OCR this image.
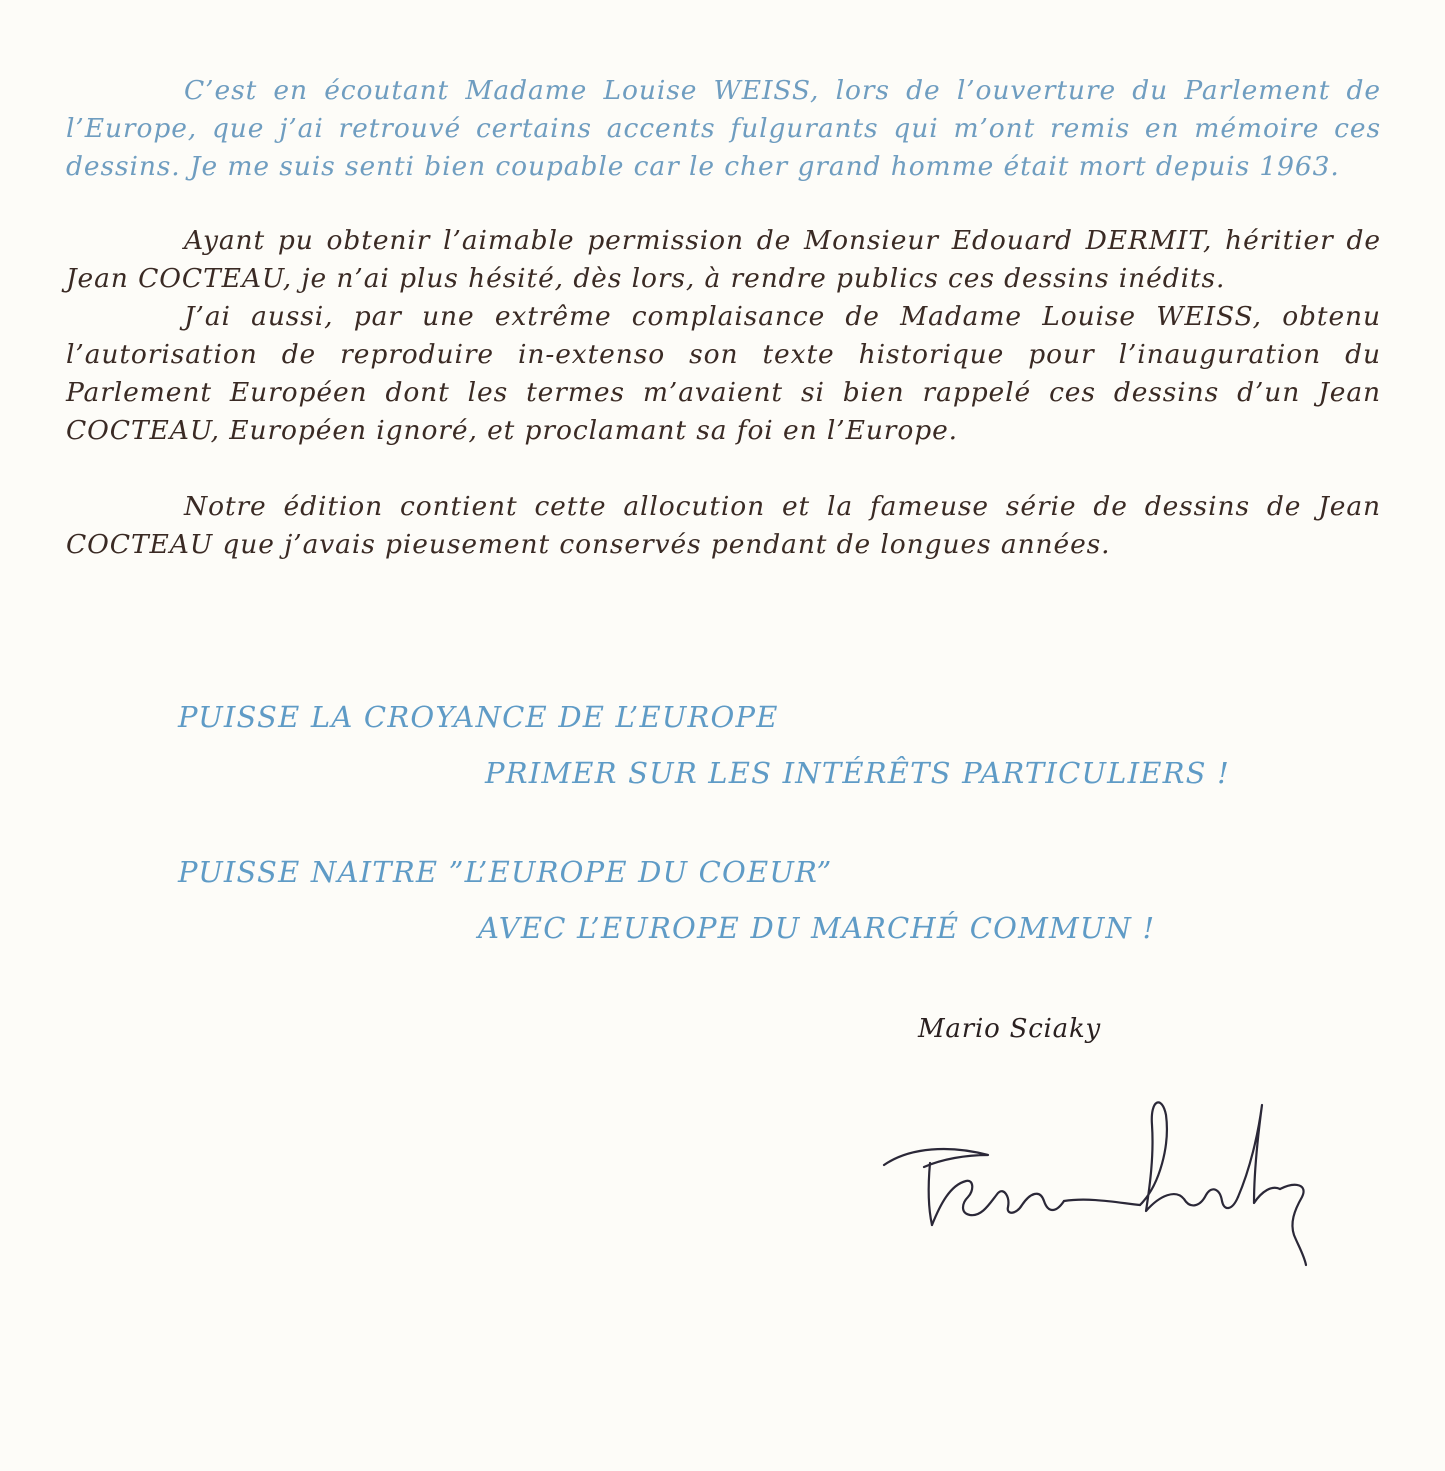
C’est en écoutant Madame Louise WEISS, lors de l’ouverture du Parlement de l’Europe, que j’ai retrouvé certains accents fulgurants qui m’ont remis en mémoire ces dessins. Je me suis senti bien coupable car le cher grand homme était mort depuis 1963.

Ayant pu obtenir l’aimable permission de Monsieur Edouard DERMIT, héritier de Jean COCTEAU, je n’ai plus hésité, dès lors, à rendre publics ces dessins inédits.

J’ai aussi, par une extrême complaisance de Madame Louise WEISS, obtenu l’autorisation de reproduire in-extenso son texte historique pour l’inauguration du Parlement Européen dont les termes m’avaient si bien rappelé ces dessins d’un Jean COCTEAU, Européen ignoré, et proclamant sa foi en l’Europe.

Notre édition contient cette allocution et la fameuse série de dessins de Jean COCTEAU que j’avais pieusement conservés pendant de longues années.

PUISSE LA CROYANCE DE L’EUROPE

PRIMER SUR LES INTÉRÊTS PARTICULIERS !

PUISSE NAITRE ”L’EUROPE DU COEUR”

AVEC L’EUROPE DU MARCHÉ COMMUN !

Mario Sciaky
